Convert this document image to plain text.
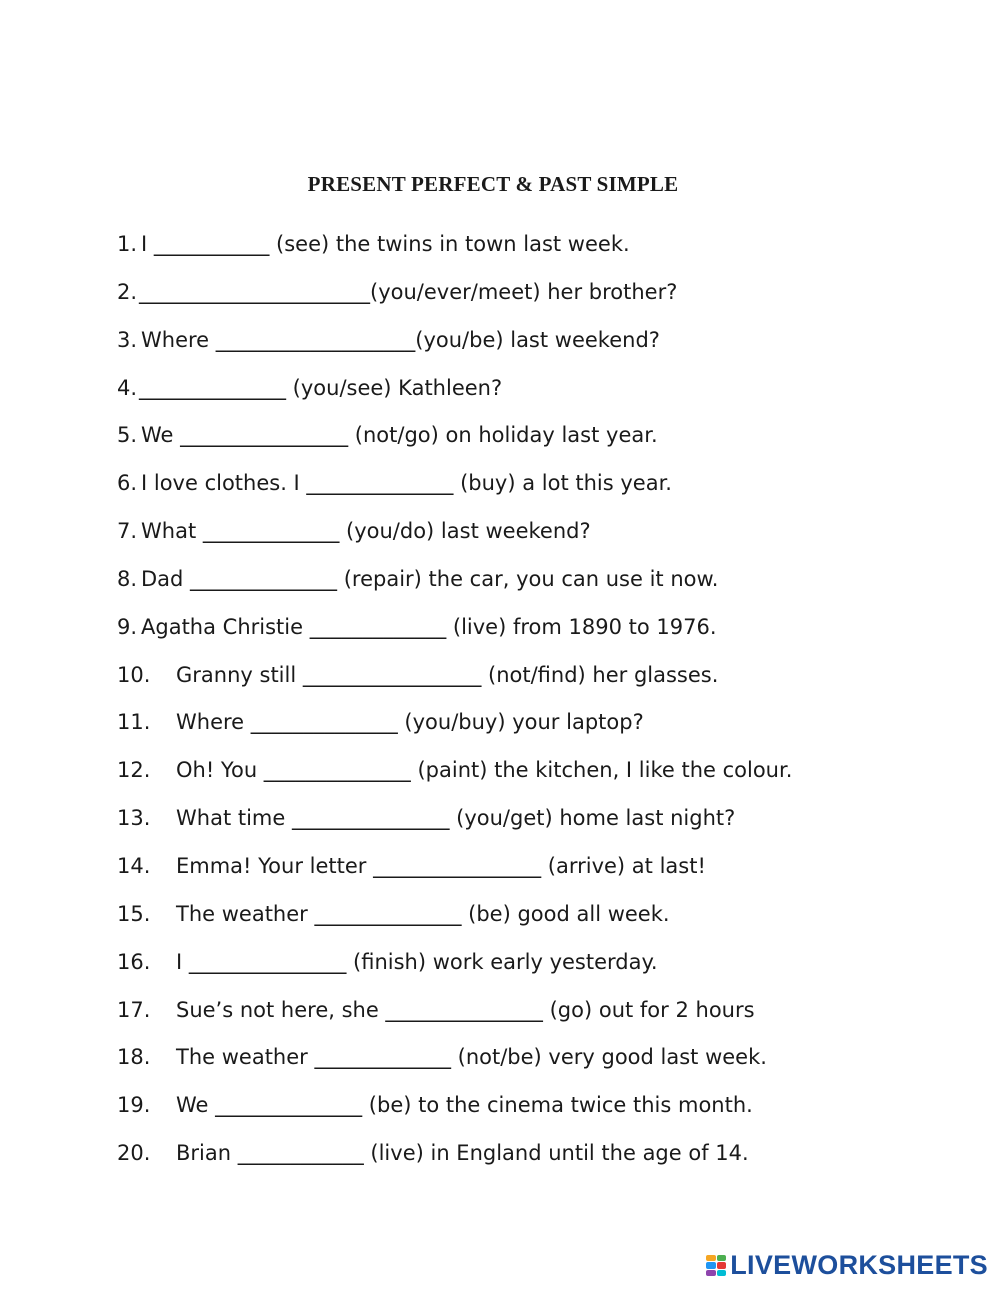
PRESENT PERFECT & PAST SIMPLE
1. I ___________ (see) the twins in town last week.
2. ______________________(you/ever/meet) her brother?
3. Where ___________________(you/be) last weekend?
4. ______________ (you/see) Kathleen?
5. We ________________ (not/go) on holiday last year.
6. I love clothes. I ______________ (buy) a lot this year.
7. What _____________ (you/do) last weekend?
8. Dad ______________ (repair) the car, you can use it now.
9. Agatha Christie _____________ (live) from 1890 to 1976.
10. Granny still _________________ (not/find) her glasses.
11. Where ______________ (you/buy) your laptop?
12. Oh! You ______________ (paint) the kitchen, I like the colour.
13. What time _______________ (you/get) home last night?
14. Emma! Your letter ________________ (arrive) at last!
15. The weather ______________ (be) good all week.
16. I _______________ (finish) work early yesterday.
17. Sue’s not here, she _______________ (go) out for 2 hours
18. The weather _____________ (not/be) very good last week.
19. We ______________ (be) to the cinema twice this month.
20. Brian ____________ (live) in England until the age of 14.
LIVEWORKSHEETS
